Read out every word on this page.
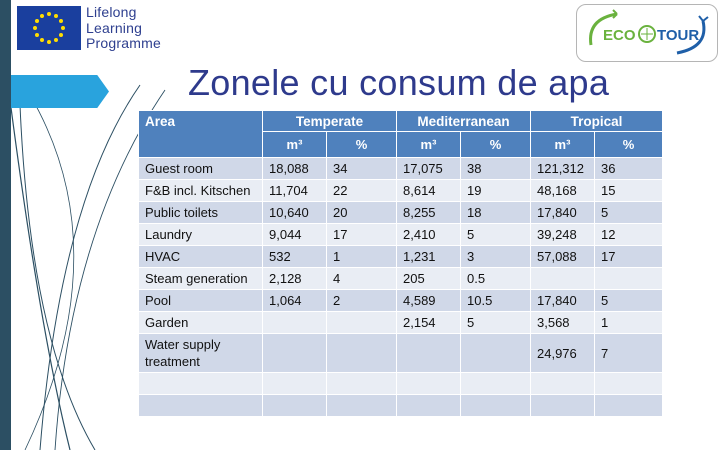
Lifelong
Learning
Programme	ECO TOUR
Zonele cu consum de apa
Area	Temperate		Mediterranean		Tropical	
	m³	%	m³	%	m³	%
Guest room	18,088	34	17,075	38	121,312	36
F&B incl. Kitschen	11,704	22	8,614	19	48,168	15
Public toilets	10,640	20	8,255	18	17,840	5
Laundry	9,044	17	2,410	5	39,248	12
HVAC	532	1	1,231	3	57,088	17
Steam generation	2,128	4	205	0.5		
Pool	1,064	2	4,589	10.5	17,840	5
Garden			2,154	5	3,568	1
Water supply treatment					24,976	7
